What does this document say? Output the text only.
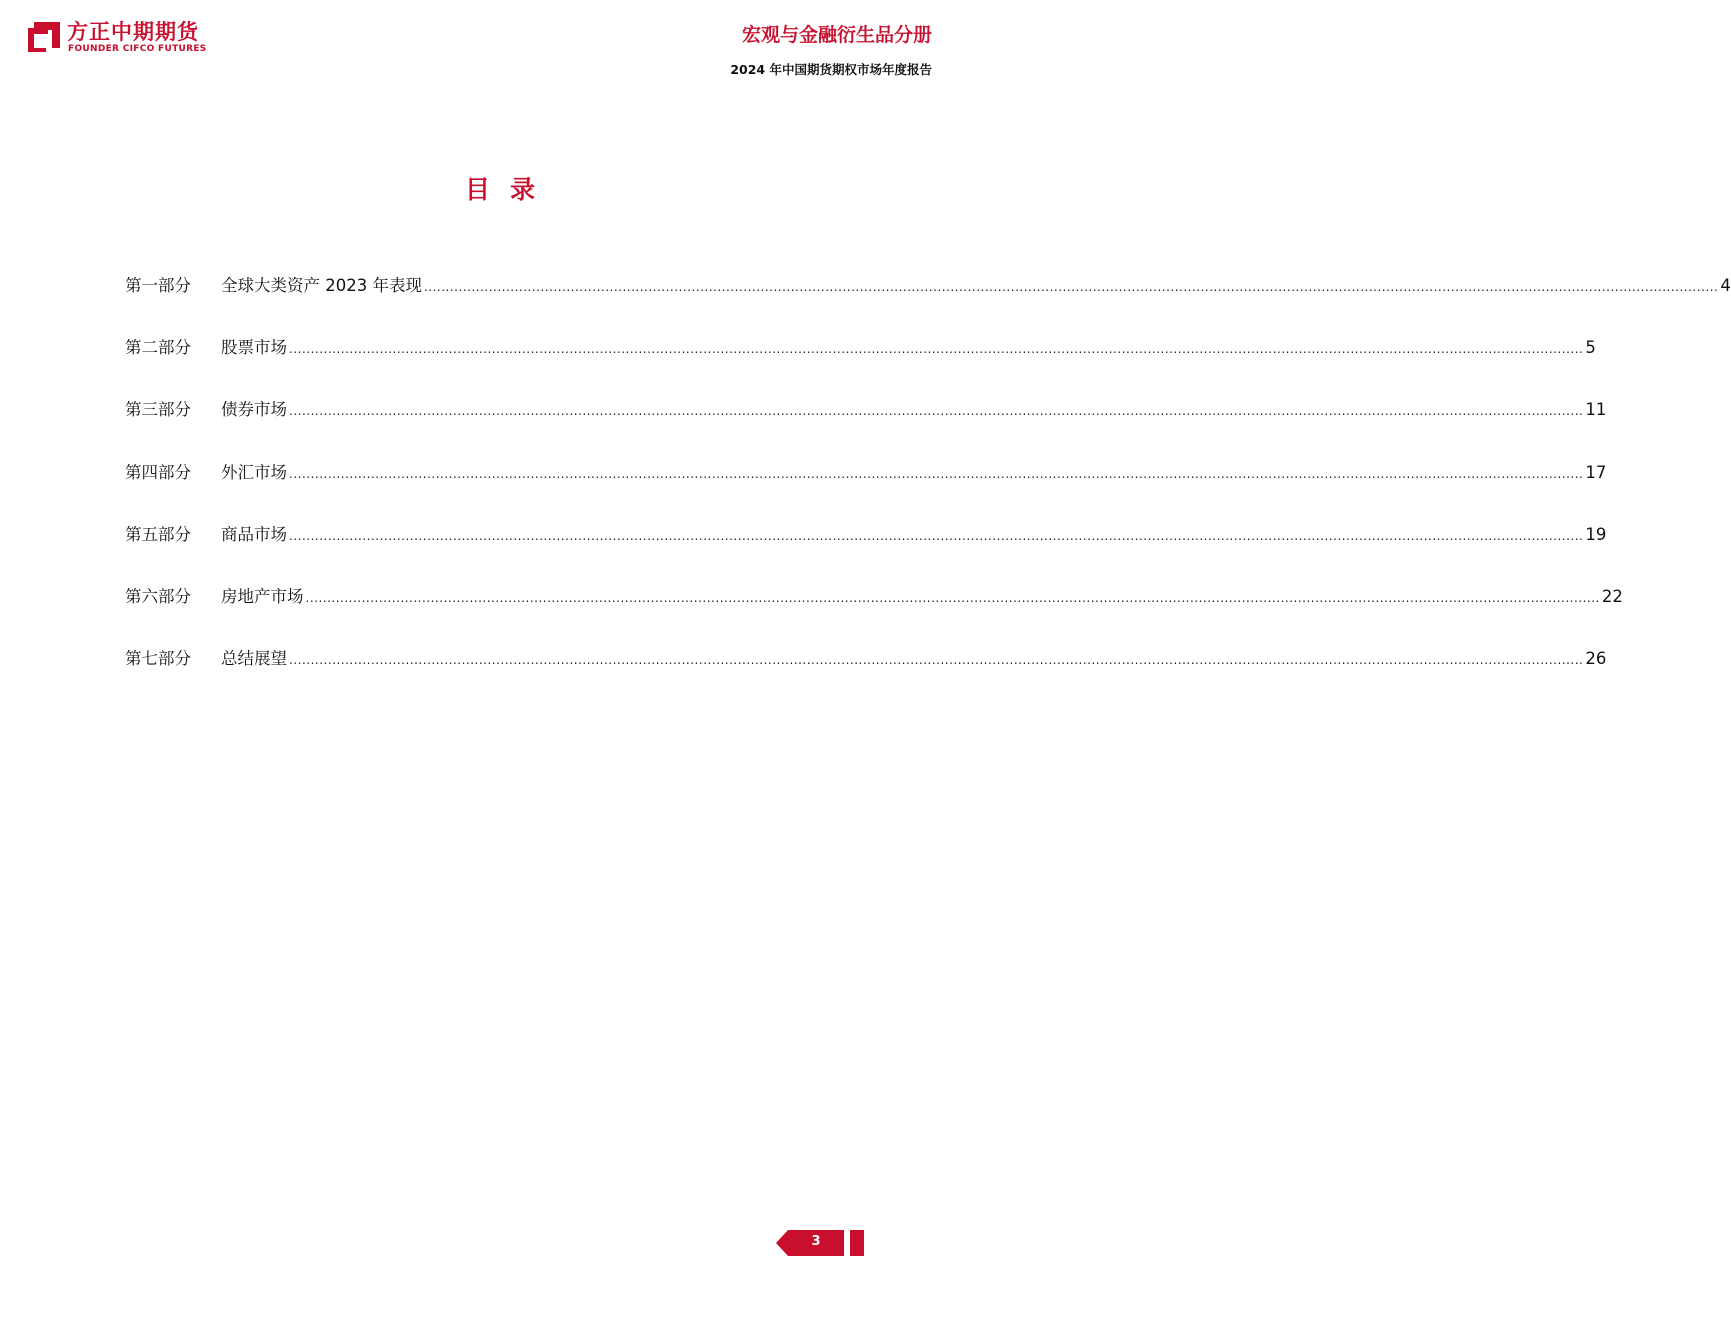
方正中期期货
FOUNDER CIFCO FUTURES
宏观与金融衍生品分册
2024 年中国期货期权市场年度报告
目录
第一部分	全球大类资产 2023 年表现 ............................................................................................................................................................................................................................................................................................................ 4
第二部分	股票市场 ............................................................................................................................................................................................................................................................................................................ 5
第三部分	债券市场 ............................................................................................................................................................................................................................................................................................................ 11
第四部分	外汇市场 ............................................................................................................................................................................................................................................................................................................ 17
第五部分	商品市场 ............................................................................................................................................................................................................................................................................................................ 19
第六部分	房地产市场 ............................................................................................................................................................................................................................................................................................................ 22
第七部分	总结展望 ............................................................................................................................................................................................................................................................................................................ 26
3
